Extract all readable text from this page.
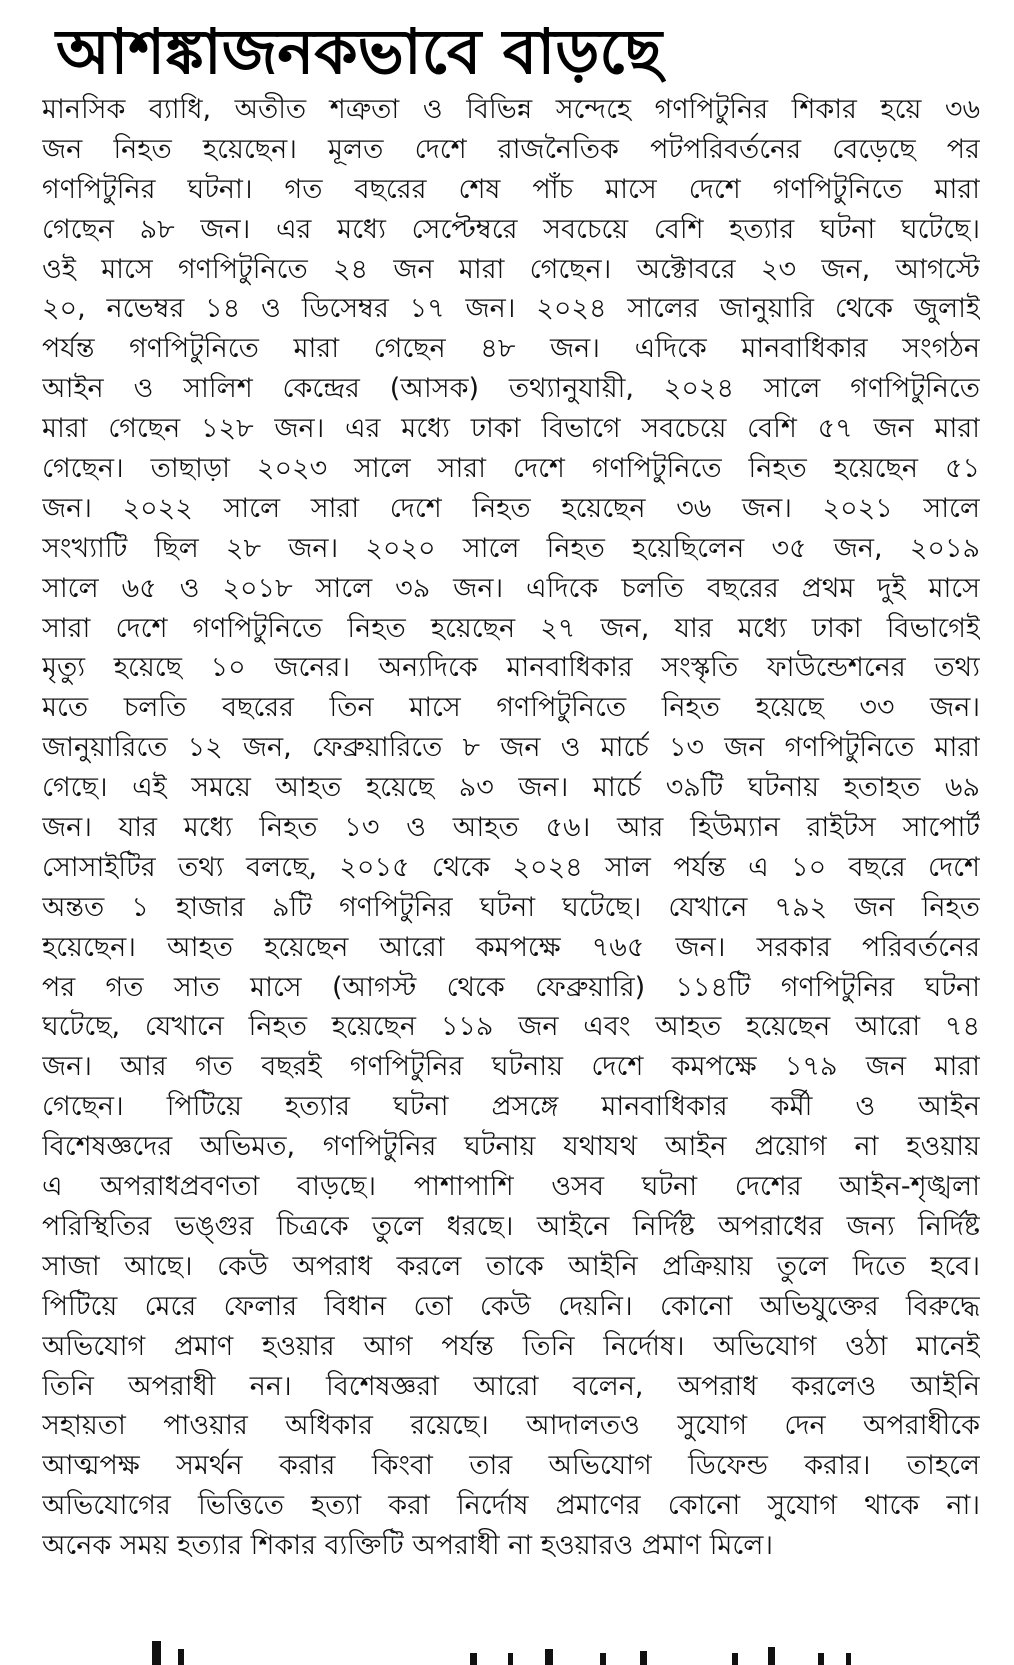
আশঙ্কাজনকভাবে বাড়ছে
মানসিক ব্যাধি, অতীত শত্রুতা ও বিভিন্ন সন্দেহে গণপিটুনির শিকার হয়ে ৩৬
জন নিহত হয়েছেন। মূলত দেশে রাজনৈতিক পটপরিবর্তনের বেড়েছে পর
গণপিটুনির ঘটনা। গত বছরের শেষ পাঁচ মাসে দেশে গণপিটুনিতে মারা
গেছেন ৯৮ জন। এর মধ্যে সেপ্টেম্বরে সবচেয়ে বেশি হত্যার ঘটনা ঘটেছে।
ওই মাসে গণপিটুনিতে ২৪ জন মারা গেছেন। অক্টোবরে ২৩ জন, আগস্টে
২০, নভেম্বর ১৪ ও ডিসেম্বর ১৭ জন। ২০২৪ সালের জানুয়ারি থেকে জুলাই
পর্যন্ত গণপিটুনিতে মারা গেছেন ৪৮ জন। এদিকে মানবাধিকার সংগঠন
আইন ও সালিশ কেন্দ্রের (আসক) তথ্যানুযায়ী, ২০২৪ সালে গণপিটুনিতে
মারা গেছেন ১২৮ জন। এর মধ্যে ঢাকা বিভাগে সবচেয়ে বেশি ৫৭ জন মারা
গেছেন। তাছাড়া ২০২৩ সালে সারা দেশে গণপিটুনিতে নিহত হয়েছেন ৫১
জন। ২০২২ সালে সারা দেশে নিহত হয়েছেন ৩৬ জন। ২০২১ সালে
সংখ্যাটি ছিল ২৮ জন। ২০২০ সালে নিহত হয়েছিলেন ৩৫ জন, ২০১৯
সালে ৬৫ ও ২০১৮ সালে ৩৯ জন। এদিকে চলতি বছরের প্রথম দুই মাসে
সারা দেশে গণপিটুনিতে নিহত হয়েছেন ২৭ জন, যার মধ্যে ঢাকা বিভাগেই
মৃত্যু হয়েছে ১০ জনের। অন্যদিকে মানবাধিকার সংস্কৃতি ফাউন্ডেশনের তথ্য
মতে চলতি বছরের তিন মাসে গণপিটুনিতে নিহত হয়েছে ৩৩ জন।
জানুয়ারিতে ১২ জন, ফেব্রুয়ারিতে ৮ জন ও মার্চে ১৩ জন গণপিটুনিতে মারা
গেছে। এই সময়ে আহত হয়েছে ৯৩ জন। মার্চে ৩৯টি ঘটনায় হতাহত ৬৯
জন। যার মধ্যে নিহত ১৩ ও আহত ৫৬। আর হিউম্যান রাইটস সাপোর্ট
সোসাইটির তথ্য বলছে, ২০১৫ থেকে ২০২৪ সাল পর্যন্ত এ ১০ বছরে দেশে
অন্তত ১ হাজার ৯টি গণপিটুনির ঘটনা ঘটেছে। যেখানে ৭৯২ জন নিহত
হয়েছেন। আহত হয়েছেন আরো কমপক্ষে ৭৬৫ জন। সরকার পরিবর্তনের
পর গত সাত মাসে (আগস্ট থেকে ফেব্রুয়ারি) ১১৪টি গণপিটুনির ঘটনা
ঘটেছে, যেখানে নিহত হয়েছেন ১১৯ জন এবং আহত হয়েছেন আরো ৭৪
জন। আর গত বছরই গণপিটুনির ঘটনায় দেশে কমপক্ষে ১৭৯ জন মারা
গেছেন। পিটিয়ে হত্যার ঘটনা প্রসঙ্গে মানবাধিকার কর্মী ও আইন
বিশেষজ্ঞদের অভিমত, গণপিটুনির ঘটনায় যথাযথ আইন প্রয়োগ না হওয়ায়
এ অপরাধপ্রবণতা বাড়ছে। পাশাপাশি ওসব ঘটনা দেশের আইন-শৃঙ্খলা
পরিস্থিতির ভঙ্গুর চিত্রকে তুলে ধরছে। আইনে নির্দিষ্ট অপরাধের জন্য নির্দিষ্ট
সাজা আছে। কেউ অপরাধ করলে তাকে আইনি প্রক্রিয়ায় তুলে দিতে হবে।
পিটিয়ে মেরে ফেলার বিধান তো কেউ দেয়নি। কোনো অভিযুক্তের বিরুদ্ধে
অভিযোগ প্রমাণ হওয়ার আগ পর্যন্ত তিনি নির্দোষ। অভিযোগ ওঠা মানেই
তিনি অপরাধী নন। বিশেষজ্ঞরা আরো বলেন, অপরাধ করলেও আইনি
সহায়তা পাওয়ার অধিকার রয়েছে। আদালতও সুযোগ দেন অপরাধীকে
আত্মপক্ষ সমর্থন করার কিংবা তার অভিযোগ ডিফেন্ড করার। তাহলে
অভিযোগের ভিত্তিতে হত্যা করা নির্দোষ প্রমাণের কোনো সুযোগ থাকে না।
অনেক সময় হত্যার শিকার ব্যক্তিটি অপরাধী না হওয়ারও প্রমাণ মিলে।
